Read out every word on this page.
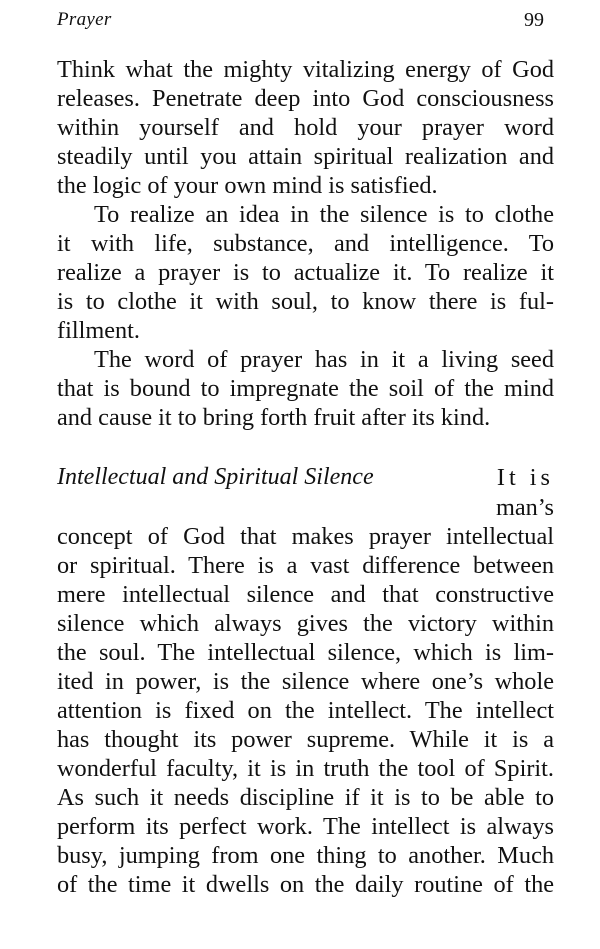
Prayer	99
Think what the mighty vitalizing energy of God
releases. Penetrate deep into God consciousness
within yourself and hold your prayer word
steadily until you attain spiritual realization and
the logic of your own mind is satisfied.
To realize an idea in the silence is to clothe
it with life, substance, and intelligence. To
realize a prayer is to actualize it. To realize it
is to clothe it with soul, to know there is ful-
fillment.
The word of prayer has in it a living seed
that is bound to impregnate the soil of the mind
and cause it to bring forth fruit after its kind.
Intellectual and Spiritual Silence	It is
man’s
concept of God that makes prayer intellectual
or spiritual. There is a vast difference between
mere intellectual silence and that constructive
silence which always gives the victory within
the soul. The intellectual silence, which is lim-
ited in power, is the silence where one’s whole
attention is fixed on the intellect. The intellect
has thought its power supreme. While it is a
wonderful faculty, it is in truth the tool of Spirit.
As such it needs discipline if it is to be able to
perform its perfect work. The intellect is always
busy, jumping from one thing to another. Much
of the time it dwells on the daily routine of the
